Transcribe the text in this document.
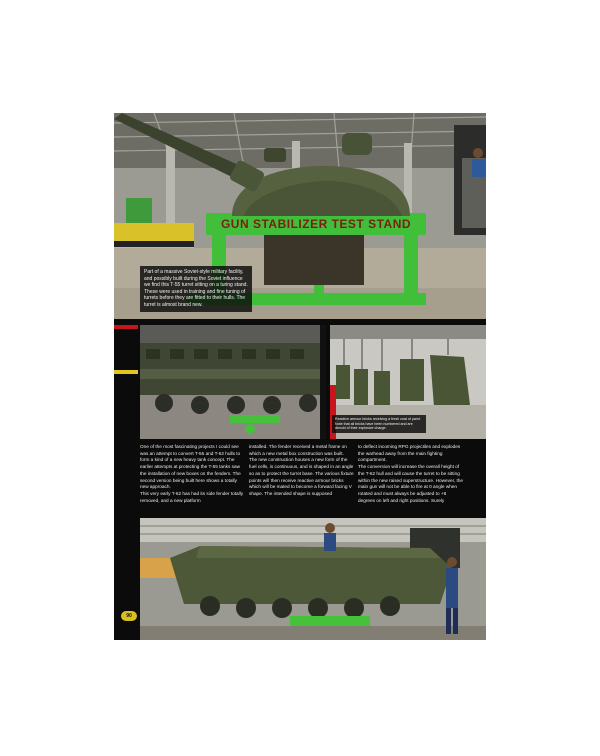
GUN STABILIZER TEST STAND
Part of a massive Soviet-style military facility, and possibly built during the Soviet influence we find this T-55 turret sitting on a turing stand. These were used in training and fine tuning of turrets before they are fitted to their hulls. The turret is almost brand new.
Reactive armour bricks receiving a fresh coat of paint. Note that all bricks have been numbered and are devoid of their explosive charge.

One of the most fascinating projects I could see was an attempt to convert T-55 and T-62 hulls to form a kind of a new heavy tank concept. The earlier attempts at protecting the T-55 tanks saw the installation of new boxes on the fenders. The second version being built here shows a totally new approach.
This very early T-62 has had its side fender totally removed, and a new platform

installed. The fender received a metal frame on which a new metal box construction was built.
The new construction houses a new form of the fuel cells, is continuous, and is shaped in an angle so as to protect the turret base. The various fixture points will then receive reactive armour bricks which will be mated to become a forward facing V shape. The intended shape is supposed

to deflect incoming RPG projectiles and explodes the warhead away from the main fighting compartment.
The conversion will increase the overall height of the T-62 hull and will cause the turret to be sitting within the new raised superstructure. However, the main gun will not be able to fire at 0 angle when rotated and must always be adjusted to +8 degrees on left and right positions. Surely

90
